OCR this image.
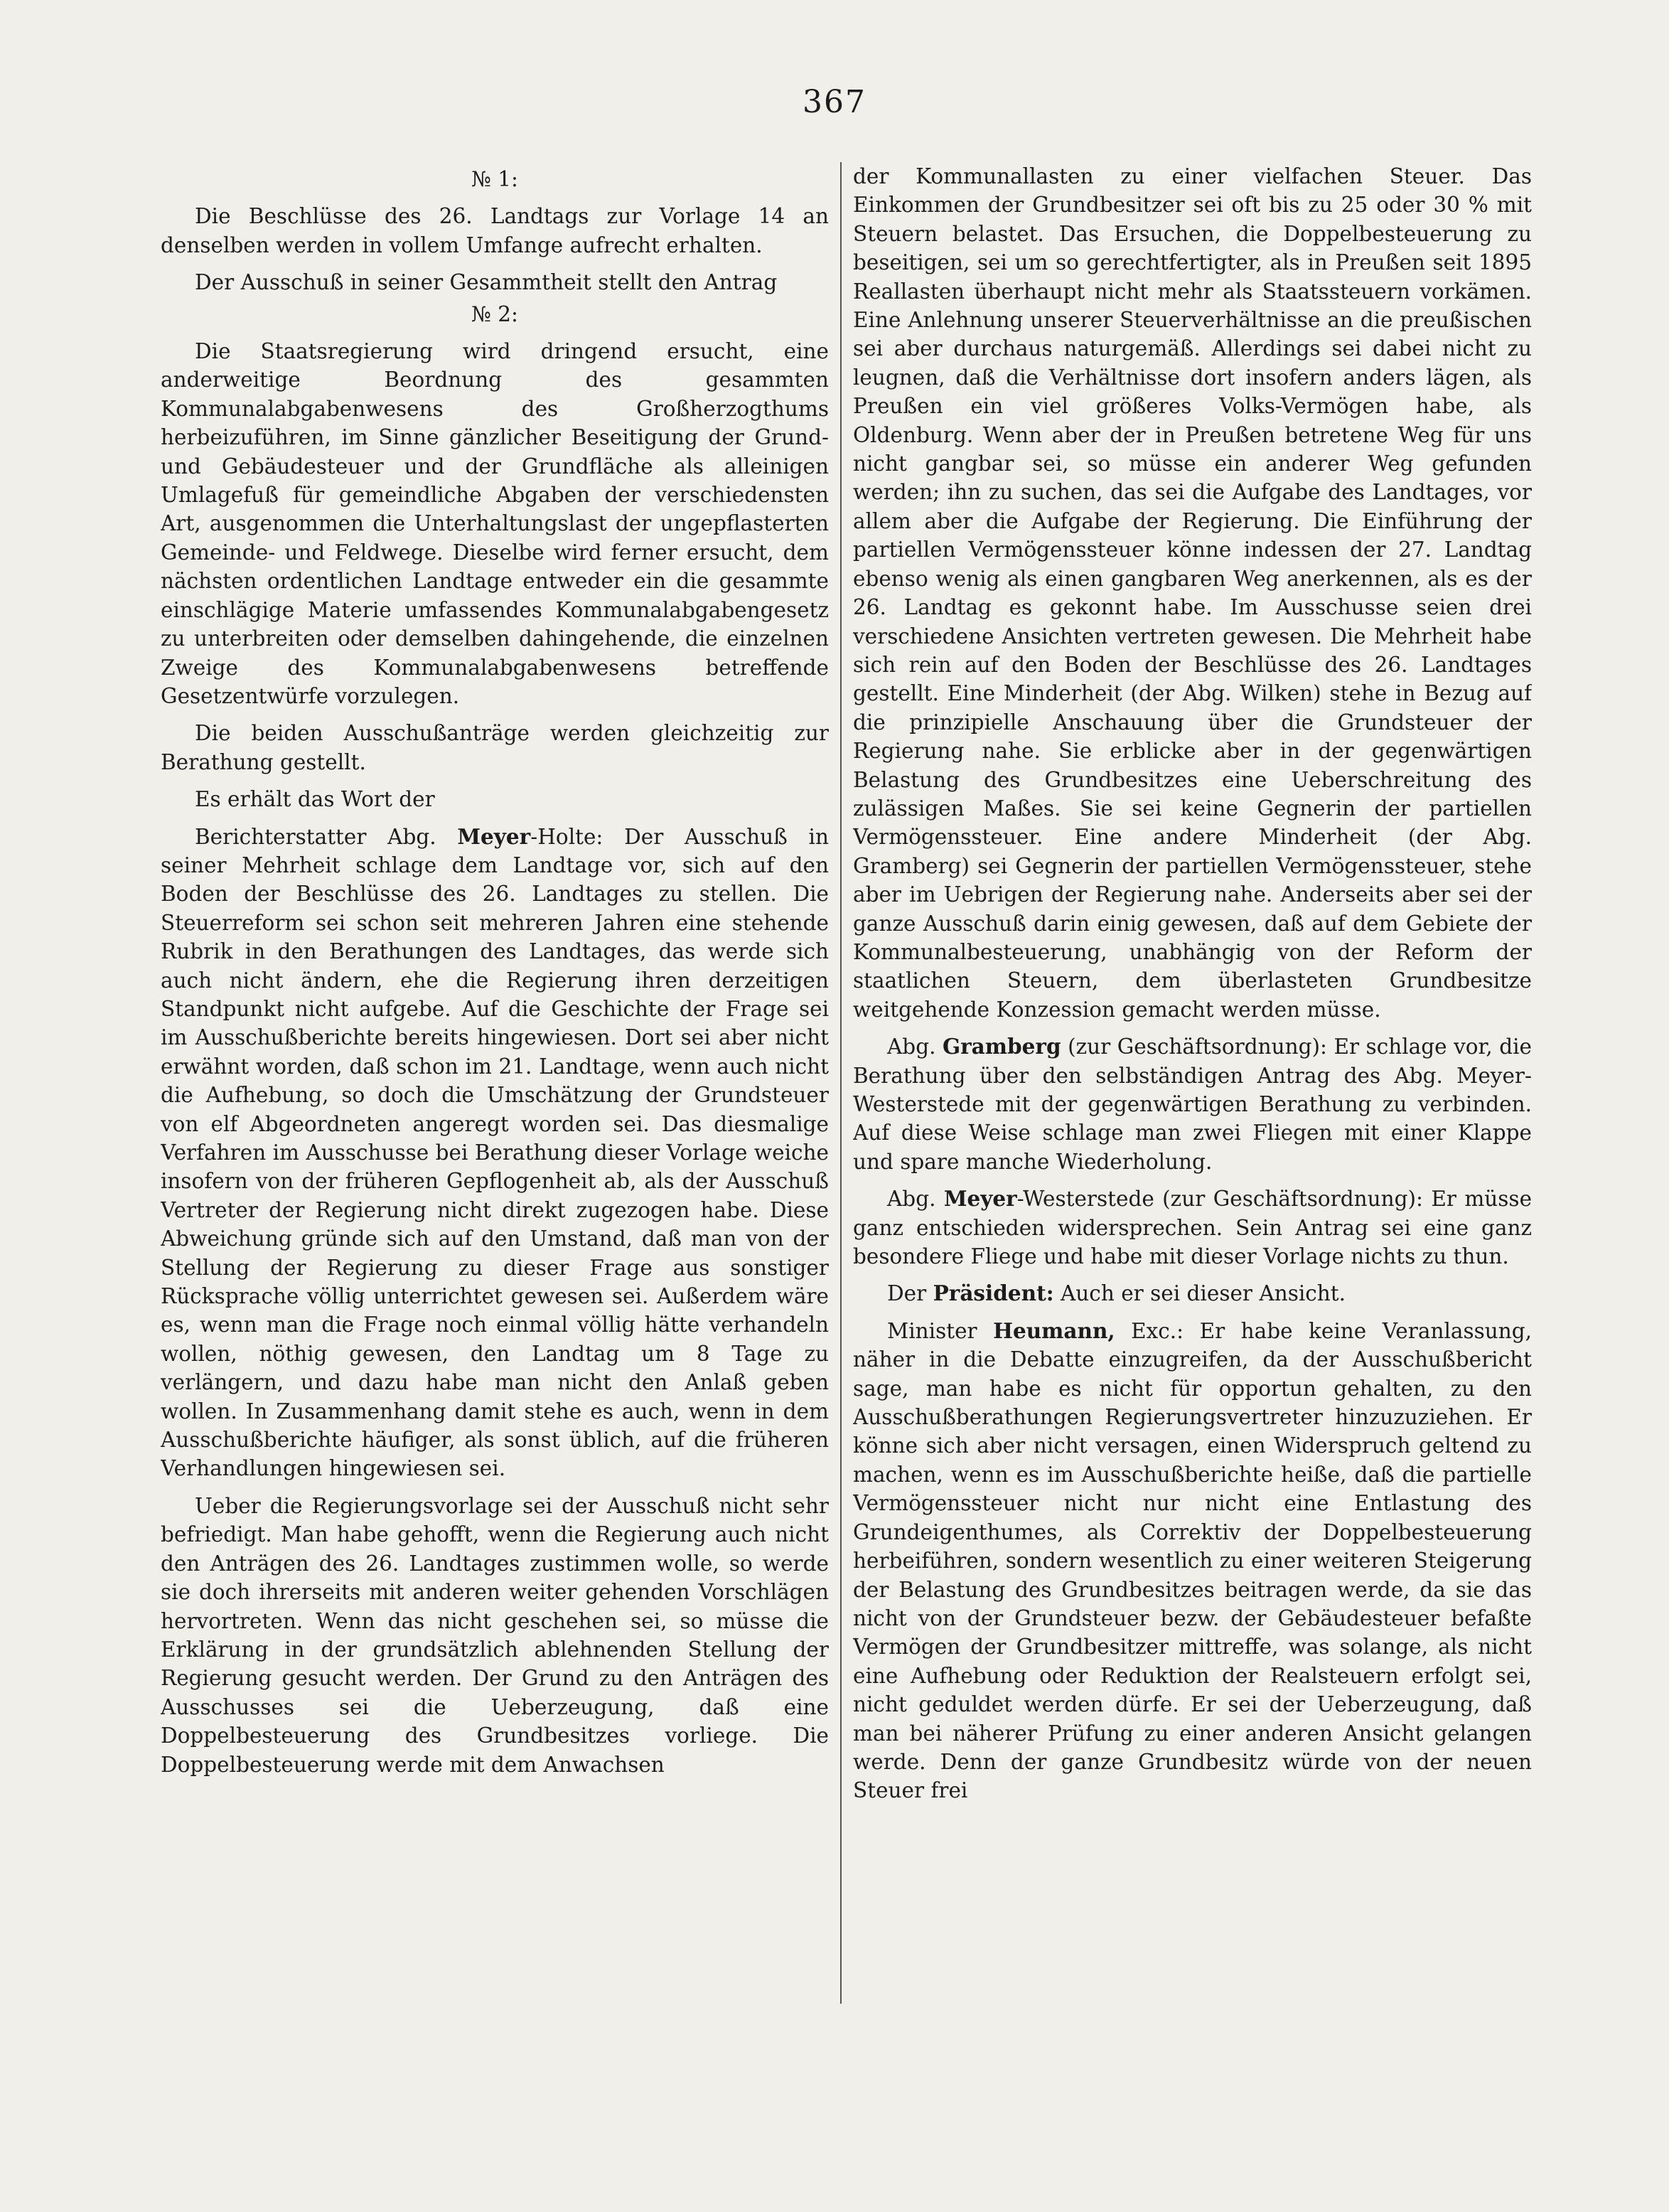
367

№ 1:

Die Beschlüsse des 26. Landtags zur Vorlage 14 an denselben werden in vollem Umfange aufrecht erhalten.

Der Ausschuß in seiner Gesammtheit stellt den Antrag

№ 2:

Die Staatsregierung wird dringend ersucht, eine anderweitige Beordnung des gesammten Kommunalabgabenwesens des Großherzogthums herbeizuführen, im Sinne gänzlicher Beseitigung der Grund- und Gebäudesteuer und der Grundfläche als alleinigen Umlagefuß für gemeindliche Abgaben der verschiedensten Art, ausgenommen die Unterhaltungslast der ungepflasterten Gemeinde- und Feldwege. Dieselbe wird ferner ersucht, dem nächsten ordentlichen Landtage entweder ein die gesammte einschlägige Materie umfassendes Kommunalabgabengesetz zu unterbreiten oder demselben dahingehende, die einzelnen Zweige des Kommunalabgabenwesens betreffende Gesetzentwürfe vorzulegen.

Die beiden Ausschußanträge werden gleichzeitig zur Berathung gestellt.

Es erhält das Wort der

Berichterstatter Abg. Meyer-Holte: Der Ausschuß in seiner Mehrheit schlage dem Landtage vor, sich auf den Boden der Beschlüsse des 26. Landtages zu stellen. Die Steuerreform sei schon seit mehreren Jahren eine stehende Rubrik in den Berathungen des Landtages, das werde sich auch nicht ändern, ehe die Regierung ihren derzeitigen Standpunkt nicht aufgebe. Auf die Geschichte der Frage sei im Ausschußberichte bereits hingewiesen. Dort sei aber nicht erwähnt worden, daß schon im 21. Landtage, wenn auch nicht die Aufhebung, so doch die Umschätzung der Grundsteuer von elf Abgeordneten angeregt worden sei. Das diesmalige Verfahren im Ausschusse bei Berathung dieser Vorlage weiche insofern von der früheren Gepflogenheit ab, als der Ausschuß Vertreter der Regierung nicht direkt zugezogen habe. Diese Abweichung gründe sich auf den Umstand, daß man von der Stellung der Regierung zu dieser Frage aus sonstiger Rücksprache völlig unterrichtet gewesen sei. Außerdem wäre es, wenn man die Frage noch einmal völlig hätte verhandeln wollen, nöthig gewesen, den Landtag um 8 Tage zu verlängern, und dazu habe man nicht den Anlaß geben wollen. In Zusammenhang damit stehe es auch, wenn in dem Ausschußberichte häufiger, als sonst üblich, auf die früheren Verhandlungen hingewiesen sei.

Ueber die Regierungsvorlage sei der Ausschuß nicht sehr befriedigt. Man habe gehofft, wenn die Regierung auch nicht den Anträgen des 26. Landtages zustimmen wolle, so werde sie doch ihrerseits mit anderen weiter gehenden Vorschlägen hervortreten. Wenn das nicht geschehen sei, so müsse die Erklärung in der grundsätzlich ablehnenden Stellung der Regierung gesucht werden. Der Grund zu den Anträgen des Ausschusses sei die Ueberzeugung, daß eine Doppelbesteuerung des Grundbesitzes vorliege. Die Doppelbesteuerung werde mit dem Anwachsen

der Kommunallasten zu einer vielfachen Steuer. Das Einkommen der Grundbesitzer sei oft bis zu 25 oder 30 % mit Steuern belastet. Das Ersuchen, die Doppelbesteuerung zu beseitigen, sei um so gerechtfertigter, als in Preußen seit 1895 Reallasten überhaupt nicht mehr als Staatssteuern vorkämen. Eine Anlehnung unserer Steuerverhältnisse an die preußischen sei aber durchaus naturgemäß. Allerdings sei dabei nicht zu leugnen, daß die Verhältnisse dort insofern anders lägen, als Preußen ein viel größeres Volks-Vermögen habe, als Oldenburg. Wenn aber der in Preußen betretene Weg für uns nicht gangbar sei, so müsse ein anderer Weg gefunden werden; ihn zu suchen, das sei die Aufgabe des Landtages, vor allem aber die Aufgabe der Regierung. Die Einführung der partiellen Vermögenssteuer könne indessen der 27. Landtag ebenso wenig als einen gangbaren Weg anerkennen, als es der 26. Landtag es gekonnt habe. Im Ausschusse seien drei verschiedene Ansichten vertreten gewesen. Die Mehrheit habe sich rein auf den Boden der Beschlüsse des 26. Landtages gestellt. Eine Minderheit (der Abg. Wilken) stehe in Bezug auf die prinzipielle Anschauung über die Grundsteuer der Regierung nahe. Sie erblicke aber in der gegenwärtigen Belastung des Grundbesitzes eine Ueberschreitung des zulässigen Maßes. Sie sei keine Gegnerin der partiellen Vermögenssteuer. Eine andere Minderheit (der Abg. Gramberg) sei Gegnerin der partiellen Vermögenssteuer, stehe aber im Uebrigen der Regierung nahe. Anderseits aber sei der ganze Ausschuß darin einig gewesen, daß auf dem Gebiete der Kommunalbesteuerung, unabhängig von der Reform der staatlichen Steuern, dem überlasteten Grundbesitze weitgehende Konzession gemacht werden müsse.

Abg. Gramberg (zur Geschäftsordnung): Er schlage vor, die Berathung über den selbständigen Antrag des Abg. Meyer-Westerstede mit der gegenwärtigen Berathung zu verbinden. Auf diese Weise schlage man zwei Fliegen mit einer Klappe und spare manche Wiederholung.

Abg. Meyer-Westerstede (zur Geschäftsordnung): Er müsse ganz entschieden widersprechen. Sein Antrag sei eine ganz besondere Fliege und habe mit dieser Vorlage nichts zu thun.

Der Präsident: Auch er sei dieser Ansicht.

Minister Heumann, Exc.: Er habe keine Veranlassung, näher in die Debatte einzugreifen, da der Ausschußbericht sage, man habe es nicht für opportun gehalten, zu den Ausschußberathungen Regierungsvertreter hinzuzuziehen. Er könne sich aber nicht versagen, einen Widerspruch geltend zu machen, wenn es im Ausschußberichte heiße, daß die partielle Vermögenssteuer nicht nur nicht eine Entlastung des Grundeigenthumes, als Correktiv der Doppelbesteuerung herbeiführen, sondern wesentlich zu einer weiteren Steigerung der Belastung des Grundbesitzes beitragen werde, da sie das nicht von der Grundsteuer bezw. der Gebäudesteuer befaßte Vermögen der Grundbesitzer mittreffe, was solange, als nicht eine Aufhebung oder Reduktion der Realsteuern erfolgt sei, nicht geduldet werden dürfe. Er sei der Ueberzeugung, daß man bei näherer Prüfung zu einer anderen Ansicht gelangen werde. Denn der ganze Grundbesitz würde von der neuen Steuer frei
